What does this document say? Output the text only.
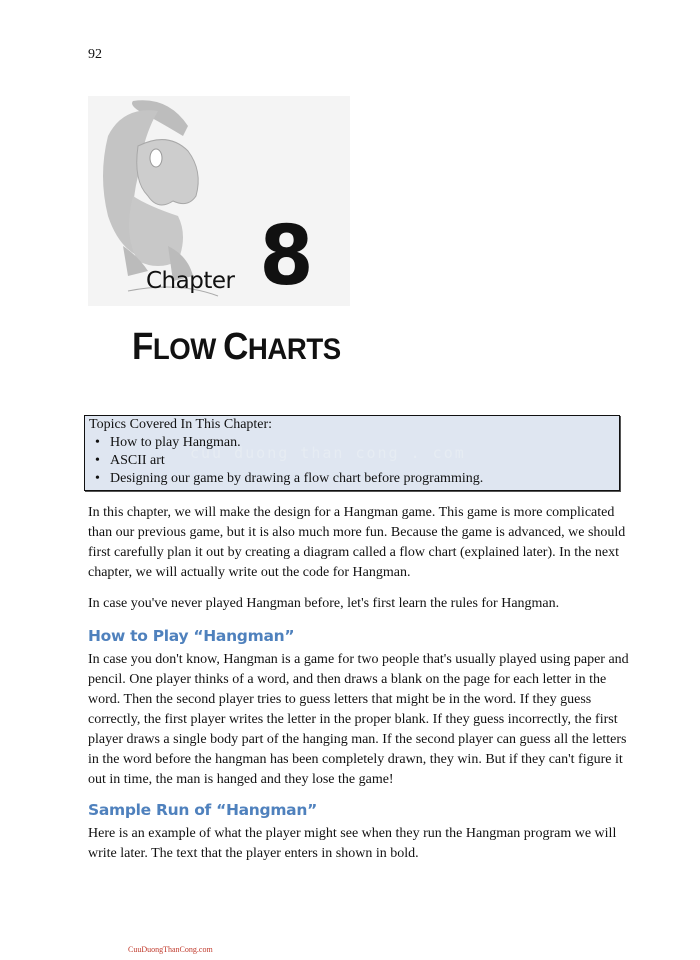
92
Chapter 8
FLOW CHARTS
Topics Covered In This Chapter:
• How to play Hangman.
• ASCII art
• Designing our game by drawing a flow chart before programming.
cuu duong than cong . com
In this chapter, we will make the design for a Hangman game. This game is more complicated
than our previous game, but it is also much more fun. Because the game is advanced, we should
first carefully plan it out by creating a diagram called a flow chart (explained later). In the next
chapter, we will actually write out the code for Hangman.
In case you've never played Hangman before, let's first learn the rules for Hangman.
How to Play “Hangman”
In case you don't know, Hangman is a game for two people that's usually played using paper and
pencil. One player thinks of a word, and then draws a blank on the page for each letter in the
word. Then the second player tries to guess letters that might be in the word. If they guess
correctly, the first player writes the letter in the proper blank. If they guess incorrectly, the first
player draws a single body part of the hanging man. If the second player can guess all the letters
in the word before the hangman has been completely drawn, they win. But if they can't figure it
out in time, the man is hanged and they lose the game!
Sample Run of “Hangman”
Here is an example of what the player might see when they run the Hangman program we will
write later. The text that the player enters in shown in bold.
CuuDuongThanCong.com
